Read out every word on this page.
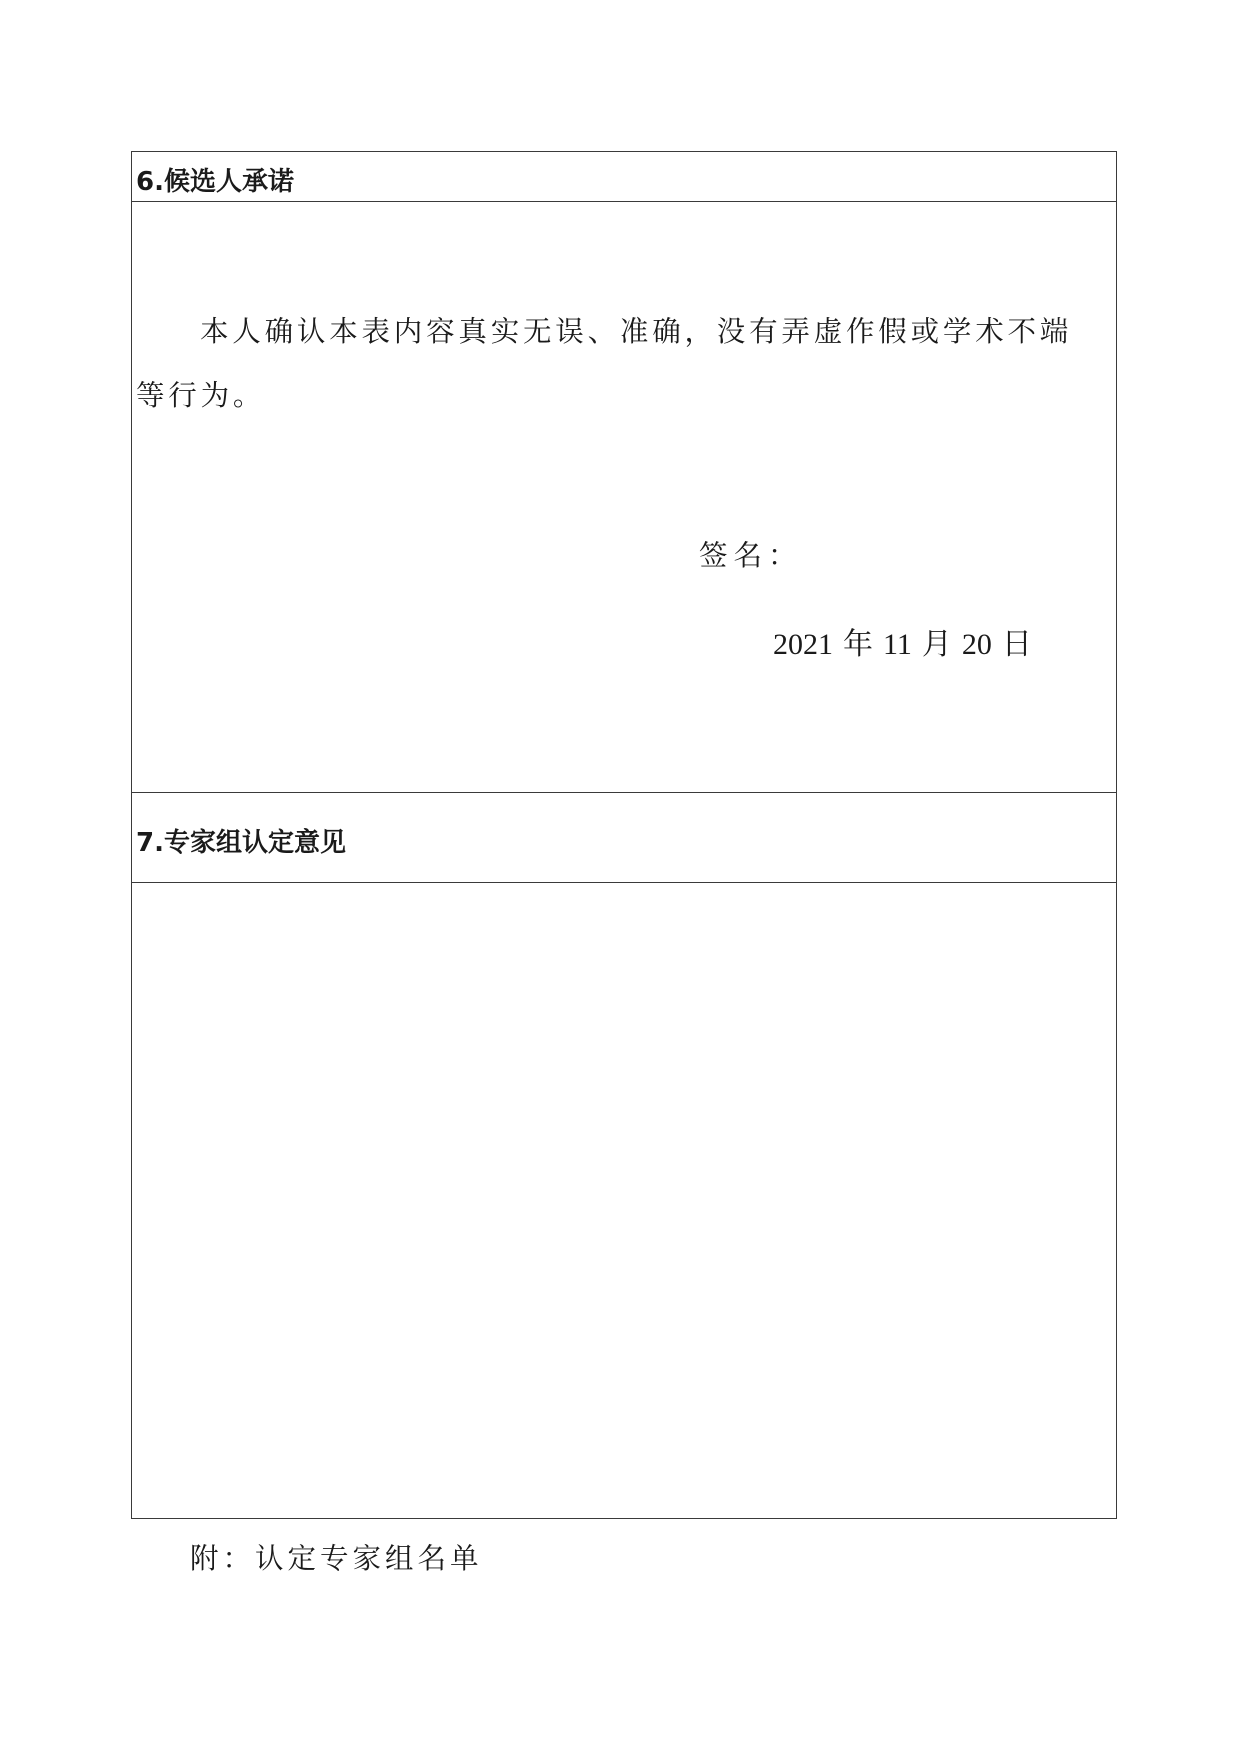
6.候选人承诺

本人确认本表内容真实无误、准确，没有弄虚作假或学术不端
等行为。

签名：
2021 年 11 月 20 日
7.专家组认定意见
附：认定专家组名单
